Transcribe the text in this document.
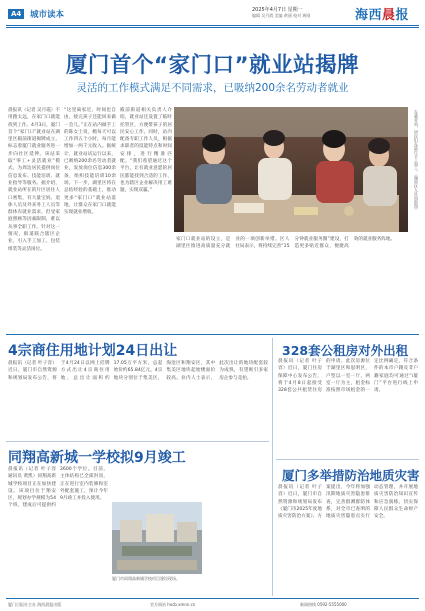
A4	城市读本	2025年4月7日 星期一
编辑 吴月霞 美编 黄丽 校对 黄刚	海西晨报
厦门首个“家门口”就业站揭牌
灵活的工作模式满足不同需求，已吸纳200余名劳动者就业
晨报讯（记者 吴月霞）不用跑太远，在家门口就能找到工作。4月3日，厦门首个“家门口”就业站在湖里区殿前街道揭牌成立，标志着厦门就业服务进一步向社区延伸。该站采取“零工+灵活就业”模式，为周边居民提供岗位信息发布、技能培训、就业指导等服务。据介绍，就业站所在的片区居住人口密集，有大量宝妈、退休人员及外来务工人员等群体有就业需求，但受家庭照顾等因素限制，难以从事全职工作。针对这一情况，街道联合辖区企业，引入手工加工、包装组装等灵活岗位。
“这里离家近，时间也自由，接完孩子还能回来做一会儿。”正在站内做手工的陈女士说，她每天可以工作四五个小时，每月能增加一两千元收入。据统计，就业站试运行以来，已吸纳200余名劳动者就业，发放岗位信息300余条，组织技能培训10余场。下一步，湖里区将在总结经验的基础上，推动更多“家门口”就业站落地，让群众在家门口就能实现就业增收。
殿前街道相关负责人介绍，就业站还设置了临时托管区，方便带孩子的居民安心工作。同时，站内配备专职工作人员，根据求职者的技能特点和时间安排，进行精准匹配。“我们希望通过这个平台，让有就业意愿的居民都能找到合适的工作，也为辖区企业解决用工难题，实现双赢。”
家门口就业站的设立，是湖里区推进高质量充分就业的一项创新举措。区人社局表示，将持续完善“15分钟就业服务圈”建设，打造更多贴近群众、便捷高效的就业服务阵地。
在就业站，居民们在进行手工加工。（湖里区人社局供图）
4宗商住用地计划24日出让
晨报讯（记者 叶子容）近日，厦门市自然资源和规划局发布公告，将于4月24日以网上挂牌方式出让4宗商住用地，总出让面积约17.05万平方米，总起始价约65.84亿元。4宗地块分别位于集美区、海沧区和翔安区，其中集美区地块起始楼面价较高。业内人士表示，此次出让的地块配套较为成熟，有望吸引多家房企参与竞拍。
328套公租房对外出租
晨报讯（记者 叶子容）近日，厦门住房保障中心发布公告，将于4月8日起接受328套公共租赁住房的申请。此次房源位于湖里区和思明区，户型以一室一厅、两室一厅为主，租金标准按照市场租金的一定比例确定。符合条件的本市户籍及非户籍家庭均可通过“i厦门”平台进行线上申请。
同翔高新城一学校拟9月竣工
晨报讯（记者 叶子容 通讯员 黄凯）同翔高新城学校项目正在加快建设。该项目位于翔安区，规划办学规模为54个班，建成后可提供约2600个学位。目前，主体结构已全部封顶，正在进行室内装修和室外配套施工，预计今年9月竣工并投入使用。
厦门市同翔高新城学校项目建设现场。
厦门多举措防治地质灾害
晨报讯（记者 叶子容）近日，厦门市自然资源和规划局发布《厦门市2025年度地质灾害防治方案》。方案提出，今年将加强汛期地质灾害隐患排查，完善群测群防体系，对全市已查明的地质灾害隐患点实行动态管理，并开展地质灾害防治知识宣传和应急演练，切实保障人民群众生命财产安全。
厦门日报社主办 海西晨报出版	官方网站 hxcb.xmnn.cn	新闻热线 0592-5555000
